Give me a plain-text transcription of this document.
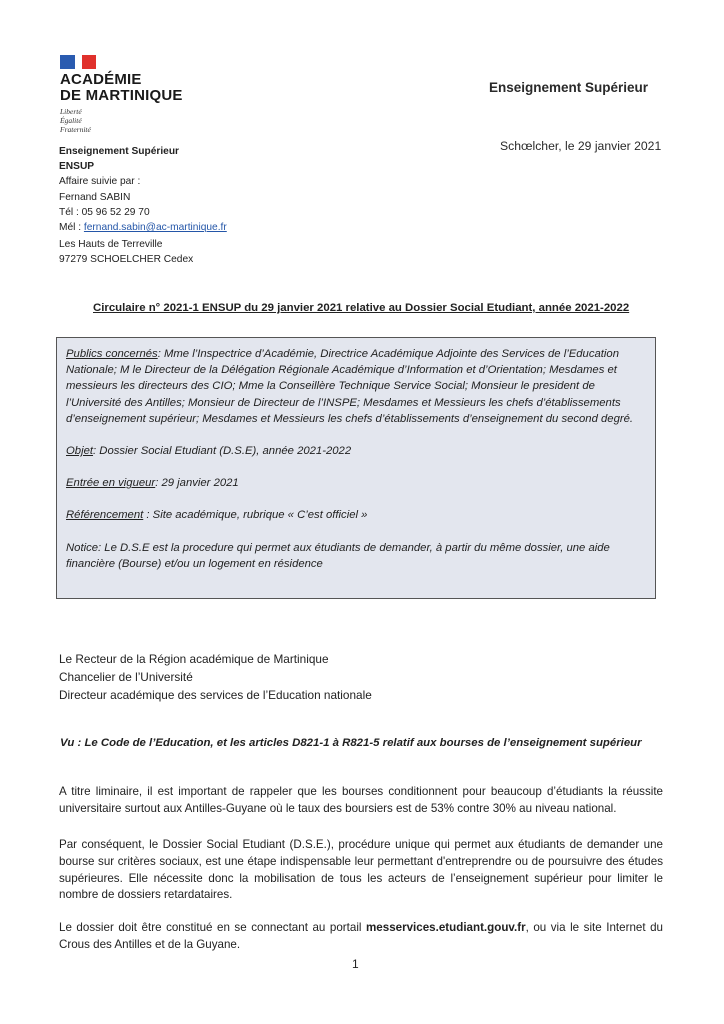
ACADÉMIE
DE MARTINIQUE
Liberté
Égalité
Fraternité
Enseignement Supérieur
ENSUP
Affaire suivie par :
Fernand SABIN
Tél : 05 96 52 29 70
Mél : fernand.sabin@ac-martinique.fr
Les Hauts de Terreville
97279 SCHOELCHER Cedex
Enseignement Supérieur
Schœlcher, le 29 janvier 2021
Circulaire n° 2021-1 ENSUP du 29 janvier 2021 relative au Dossier Social Etudiant, année 2021-2022

Publics concernés: Mme l’Inspectrice d’Académie, Directrice Académique Adjointe des Services de l’Education Nationale; M le Directeur de la Délégation Régionale Académique d’Information et d’Orientation; Mesdames et messieurs les directeurs des CIO; Mme la Conseillère Technique Service Social; Monsieur le president de l’Université des Antilles; Monsieur de Directeur de l’INSPE; Mesdames et Messieurs les chefs d’établissements d’enseignement supérieur; Mesdames et Messieurs les chefs d’établissements d’enseignement du second degré.

Objet: Dossier Social Etudiant (D.S.E), année 2021-2022

Entrée en vigueur: 29 janvier 2021

Référencement : Site académique, rubrique « C’est officiel »

Notice: Le D.S.E est la procedure qui permet aux étudiants de demander, à partir du même dossier, une aide financière (Bourse) et/ou un logement en résidence

Le Recteur de la Région académique de Martinique
Chancelier de l’Université
Directeur académique des services de l’Education nationale
Vu : Le Code de l’Education, et les articles D821-1 à R821-5 relatif aux bourses de l’enseignement supérieur

A titre liminaire, il est important de rappeler que les bourses conditionnent pour beaucoup d’étudiants la réussite universitaire surtout aux Antilles-Guyane où le taux des boursiers est de 53% contre 30% au niveau national.

Par conséquent, le Dossier Social Etudiant (D.S.E.), procédure unique qui permet aux étudiants de demander une bourse sur critères sociaux, est une étape indispensable leur permettant d'entreprendre ou de poursuivre des études supérieures. Elle nécessite donc la mobilisation de tous les acteurs de l’enseignement supérieur pour limiter le nombre de dossiers retardataires.

Le dossier doit être constitué en se connectant au portail messervices.etudiant.gouv.fr, ou via le site Internet du Crous des Antilles et de la Guyane.

1
